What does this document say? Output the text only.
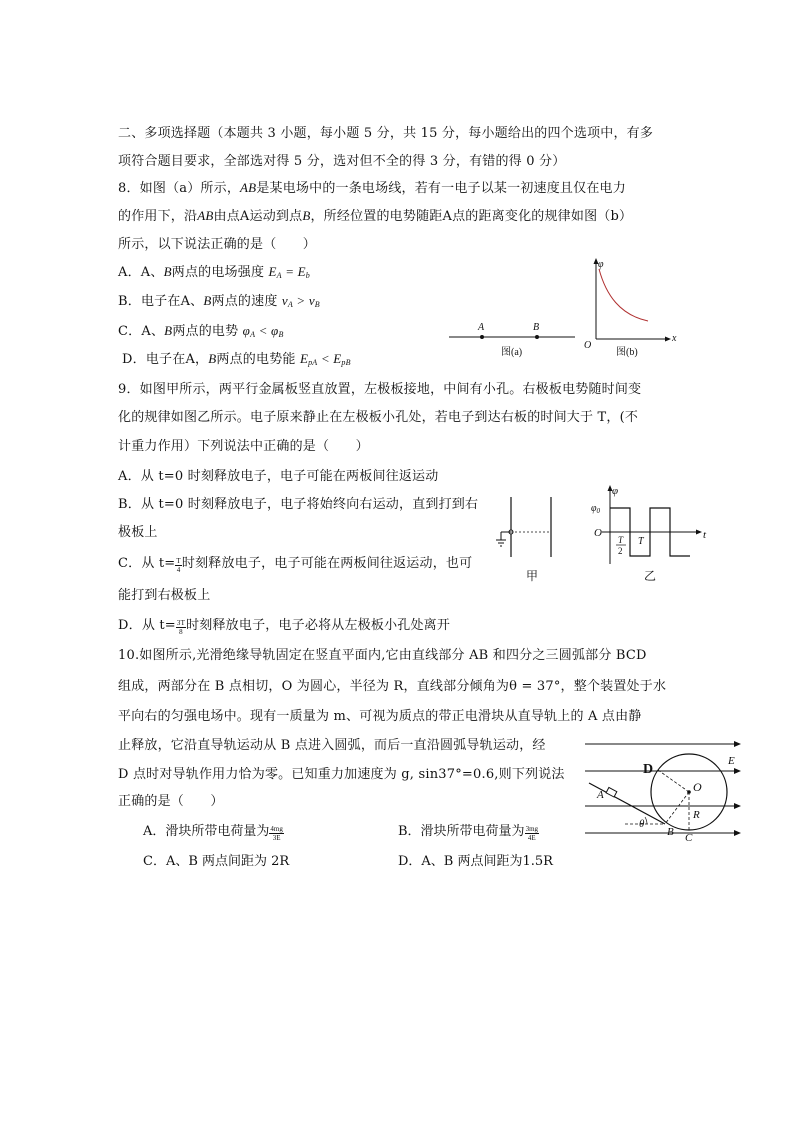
二、多项选择题（本题共 3 小题，每小题 5 分，共 15 分，每小题给出的四个选项中，有多
项符合题目要求，全部选对得 5 分，选对但不全的得 3 分，有错的得 0 分）
8．如图（a）所示，AB是某电场中的一条电场线，若有一电子以某一初速度且仅在电力
的作用下，沿AB由点A运动到点B，所经位置的电势随距A点的距离变化的规律如图（b）
所示，以下说法正确的是（　　）
A．A、B两点的电场强度 $E_A = E_b$
B．电子在A、B两点的速度 $v_A > v_B$
C．A、B两点的电势 $\varphi_A < \varphi_B$
D．电子在A，B两点的电势能 $E_{pA} < E_{pB}$
A	B
图(a)
φ
O
x
图(b)
9．如图甲所示，两平行金属板竖直放置，左极板接地，中间有小孔。右极板电势随时间变
化的规律如图乙所示。电子原来静止在左极板小孔处，若电子到达右板的时间大于 T，(不
计重力作用）下列说法中正确的是（　　）
A．从 t=0 时刻释放电子，电子可能在两板间往返运动
B．从 t=0 时刻释放电子，电子将始终向右运动，直到打到右
极板上
C．从 $t= \frac{T}{4}$ 时刻释放电子，电子可能在两板间往返运动，也可
能打到右极板上
D．从 $t= \frac{3T}{8}$ 时刻释放电子，电子必将从左极板小孔处离开
甲
φ
$\varphi_0$
O	t
T
2
T
乙
10.如图所示,光滑绝缘导轨固定在竖直平面内,它由直线部分 AB 和四分之三圆弧部分 BCD
组成，两部分在 B 点相切，O 为圆心，半径为 R，直线部分倾角为θ = 37°，整个装置处于水
平向右的匀强电场中。现有一质量为 m、可视为质点的带正电滑块从直导轨上的 A 点由静
止释放，它沿直导轨运动从 B 点进入圆弧，而后一直沿圆弧导轨运动，经
D 点时对导轨作用力恰为零。已知重力加速度为 g, sin37°=0.6,则下列说法
正确的是（　　）
A．滑块所带电荷量为 $\frac{4mg}{3E}$	B．滑块所带电荷量为 $\frac{3mg}{4E}$
C．A、B 两点间距为 2R	D．A、B 两点间距为1.5R
D
E
A
O
R
θ
B C
